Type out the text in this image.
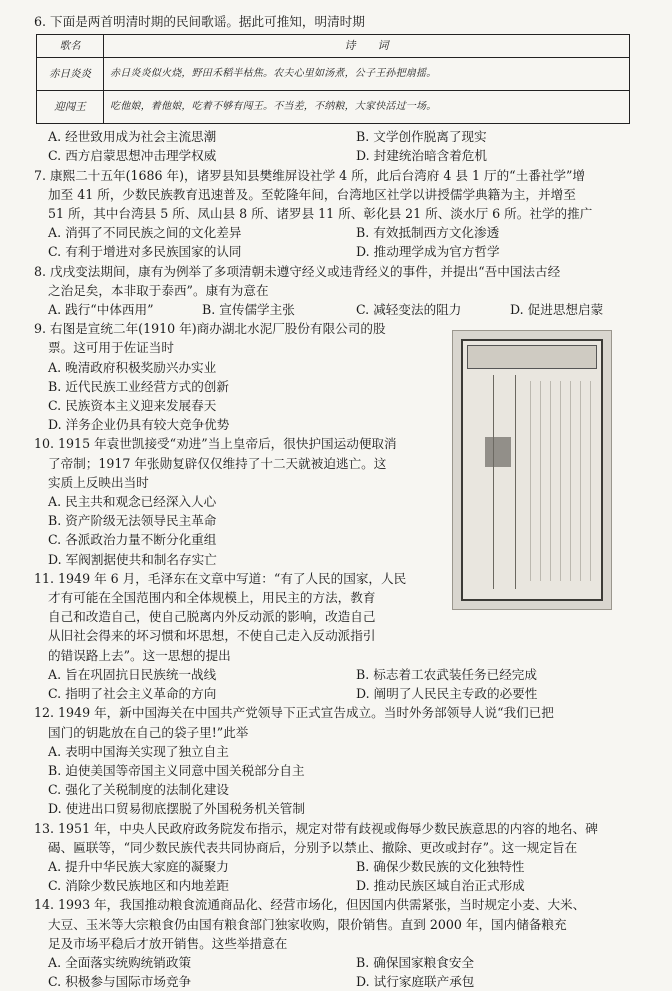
6. 下面是两首明清时期的民间歌谣。据此可推知，明清时期

歌名	诗　　词
赤日炎炎	赤日炎炎似火烧，野田禾稻半枯焦。农夫心里如汤煮，公子王孙把扇摇。
迎闯王	吃他娘，着他娘，吃着不够有闯王。不当差，不纳粮，大家快活过一场。
A. 经世致用成为社会主流思潮	B. 文学创作脱离了现实
C. 西方启蒙思想冲击理学权威	D. 封建统治暗含着危机

7. 康熙二十五年(1686 年)，诸罗县知县樊维屏设社学 4 所，此后台湾府 4 县 1 厅的“土番社学”增

加至 41 所，少数民族教育迅速普及。至乾隆年间，台湾地区社学以讲授儒学典籍为主，并增至

51 所，其中台湾县 5 所、凤山县 8 所、诸罗县 11 所、彰化县 21 所、淡水厅 6 所。社学的推广

A. 消弭了不同民族之间的文化差异	B. 有效抵制西方文化渗透
C. 有利于增进对多民族国家的认同	D. 推动理学成为官方哲学

8. 戊戌变法期间，康有为例举了多项清朝未遵守经义或违背经义的事件，并提出“吾中国法古经

之治足矣，本非取于泰西”。康有为意在

A. 践行“中体西用”	B. 宣传儒学主张	C. 减轻变法的阻力	D. 促进思想启蒙

9. 右图是宣统二年(1910 年)商办湖北水泥厂股份有限公司的股

票。这可用于佐证当时

A. 晚清政府积极奖励兴办实业

B. 近代民族工业经营方式的创新

C. 民族资本主义迎来发展春天

D. 洋务企业仍具有较大竞争优势

10. 1915 年袁世凯接受“劝进”当上皇帝后，很快护国运动便取消

了帝制；1917 年张勋复辟仅仅维持了十二天就被迫逃亡。这

实质上反映出当时

A. 民主共和观念已经深入人心

B. 资产阶级无法领导民主革命

C. 各派政治力量不断分化重组

D. 军阀割据使共和制名存实亡

11. 1949 年 6 月，毛泽东在文章中写道：“有了人民的国家，人民

才有可能在全国范围内和全体规模上，用民主的方法，教育

自己和改造自己，使自己脱离内外反动派的影响，改造自己

从旧社会得来的坏习惯和坏思想，不使自己走入反动派指引

的错误路上去”。这一思想的提出

A. 旨在巩固抗日民族统一战线	B. 标志着工农武装任务已经完成
C. 指明了社会主义革命的方向	D. 阐明了人民民主专政的必要性

12. 1949 年，新中国海关在中国共产党领导下正式宣告成立。当时外务部领导人说“我们已把

国门的钥匙放在自己的袋子里!”此举

A. 表明中国海关实现了独立自主

B. 迫使美国等帝国主义同意中国关税部分自主

C. 强化了关税制度的法制化建设

D. 使进出口贸易彻底摆脱了外国税务机关管制

13. 1951 年，中央人民政府政务院发布指示，规定对带有歧视或侮辱少数民族意思的内容的地名、碑

碣、匾联等，“同少数民族代表共同协商后，分别予以禁止、撤除、更改或封存”。这一规定旨在

A. 提升中华民族大家庭的凝聚力	B. 确保少数民族的文化独特性
C. 消除少数民族地区和内地差距	D. 推动民族区域自治正式形成

14. 1993 年，我国推动粮食流通商品化、经营市场化，但因国内供需紧张，当时规定小麦、大米、

大豆、玉米等大宗粮食仍由国有粮食部门独家收购，限价销售。直到 2000 年，国内储备粮充

足及市场平稳后才放开销售。这些举措意在

A. 全面落实统购统销政策	B. 确保国家粮食安全
C. 积极参与国际市场竞争	D. 试行家庭联产承包
